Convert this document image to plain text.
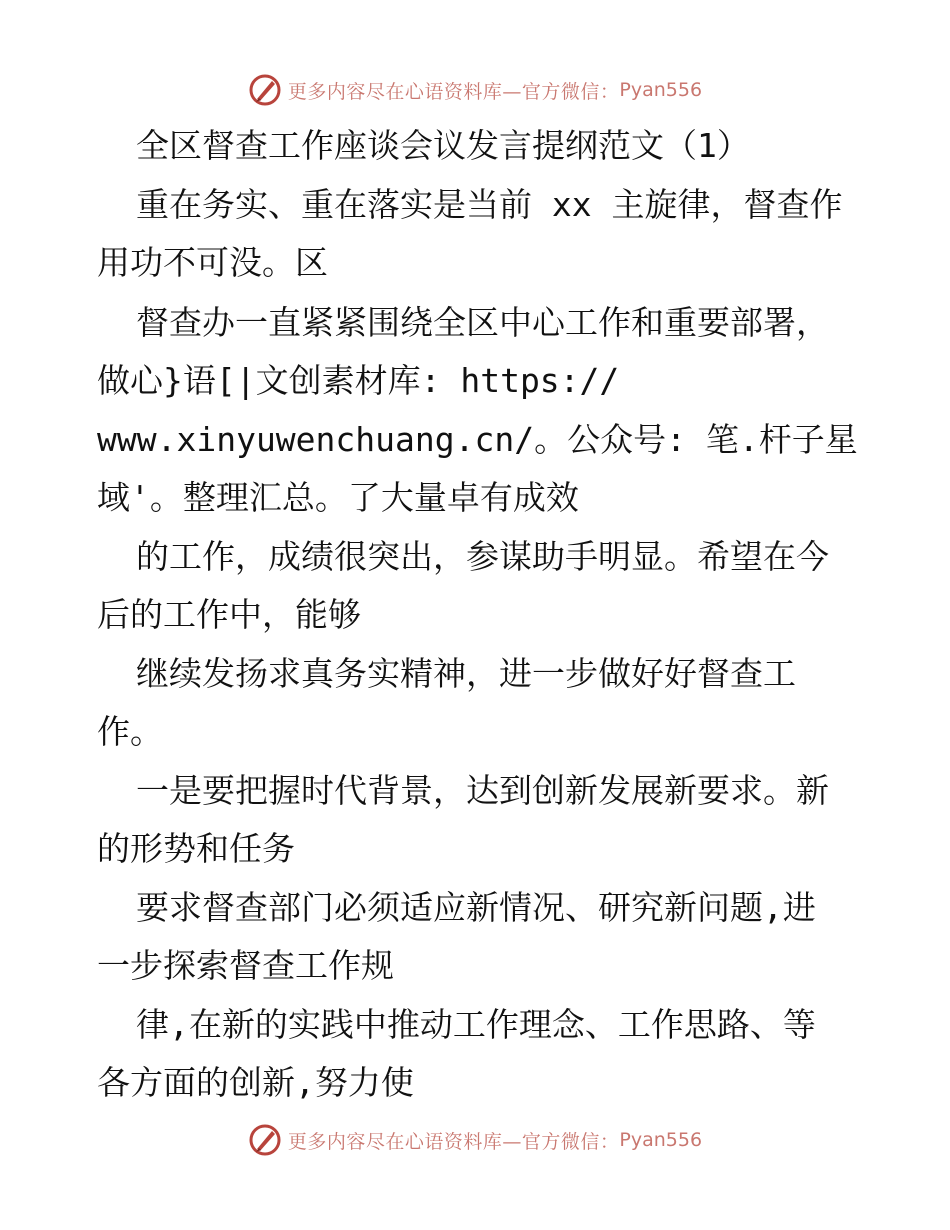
更多内容尽在心语资料库—官方微信： Pyan556
全区督查工作座谈会议发言提纲范文（1）
重在务实、重在落实是当前 xx 主旋律，督查作
用功不可没。区
督查办一直紧紧围绕全区中心工作和重要部署，
做心}语[|文创素材库: https://
www.xinyuwenchuang.cn/。公众号: 笔.杆子星
域'。整理汇总。了大量卓有成效
的工作，成绩很突出，参谋助手明显。希望在今
后的工作中，能够
继续发扬求真务实精神，进一步做好好督查工
作。
一是要把握时代背景，达到创新发展新要求。新
的形势和任务
要求督查部门必须适应新情况、研究新问题,进
一步探索督查工作规
律,在新的实践中推动工作理念、工作思路、等
各方面的创新,努力使
更多内容尽在心语资料库—官方微信： Pyan556
